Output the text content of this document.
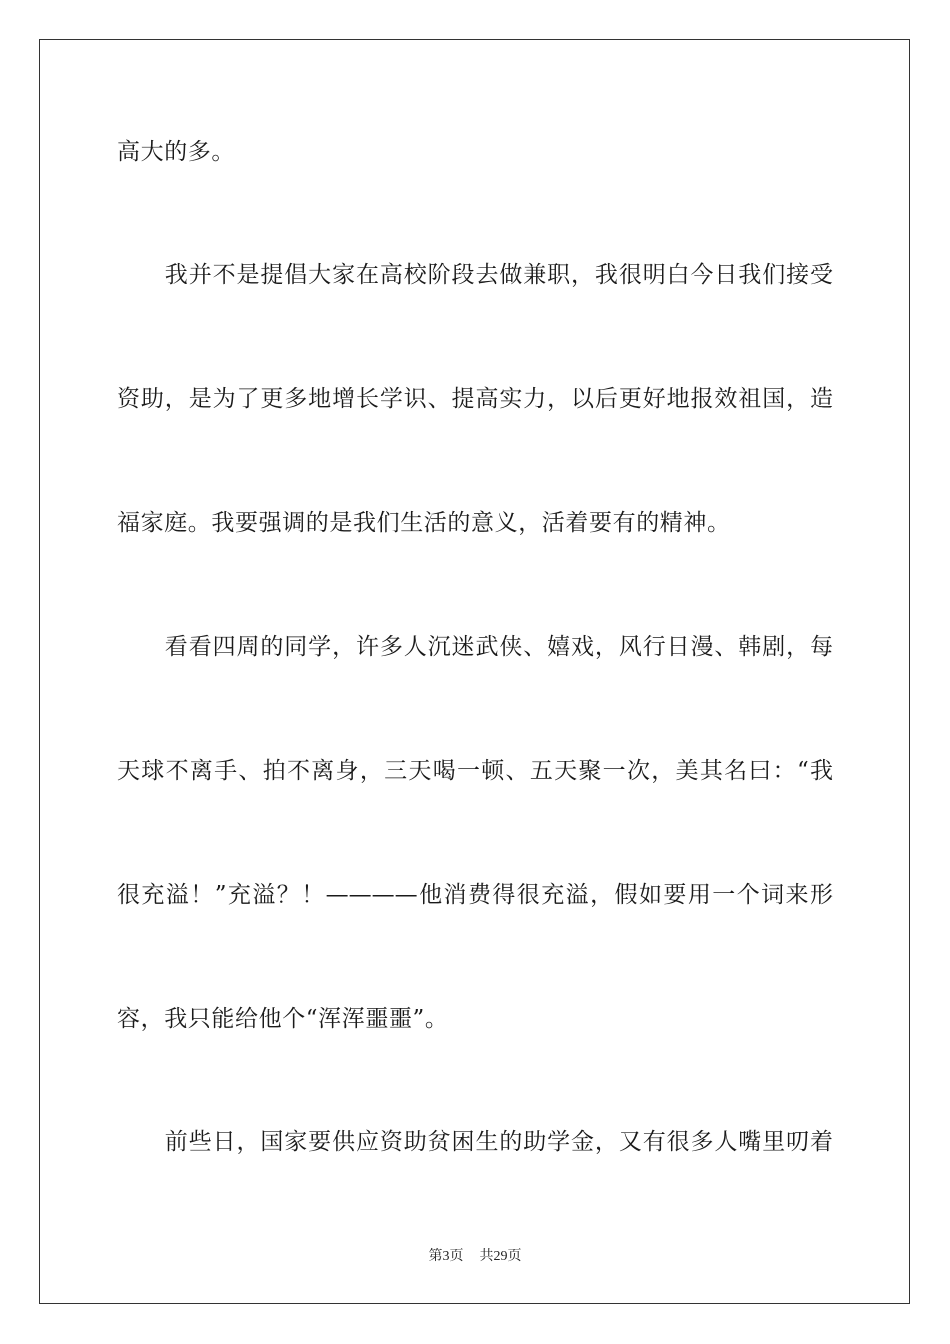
高大的多。
　　我并不是提倡大家在高校阶段去做兼职，我很明白今日我们接受
资助，是为了更多地增长学识、提高实力，以后更好地报效祖国，造
福家庭。我要强调的是我们生活的意义，活着要有的精神。
　　看看四周的同学，许多人沉迷武侠、嬉戏，风行日漫、韩剧，每
天球不离手、拍不离身，三天喝一顿、五天聚一次，美其名曰：“我
很充溢！”充溢？！————他消费得很充溢，假如要用一个词来形
容，我只能给他个“浑浑噩噩”。
　　前些日，国家要供应资助贫困生的助学金，又有很多人嘴里叨着
第3页 共29页
